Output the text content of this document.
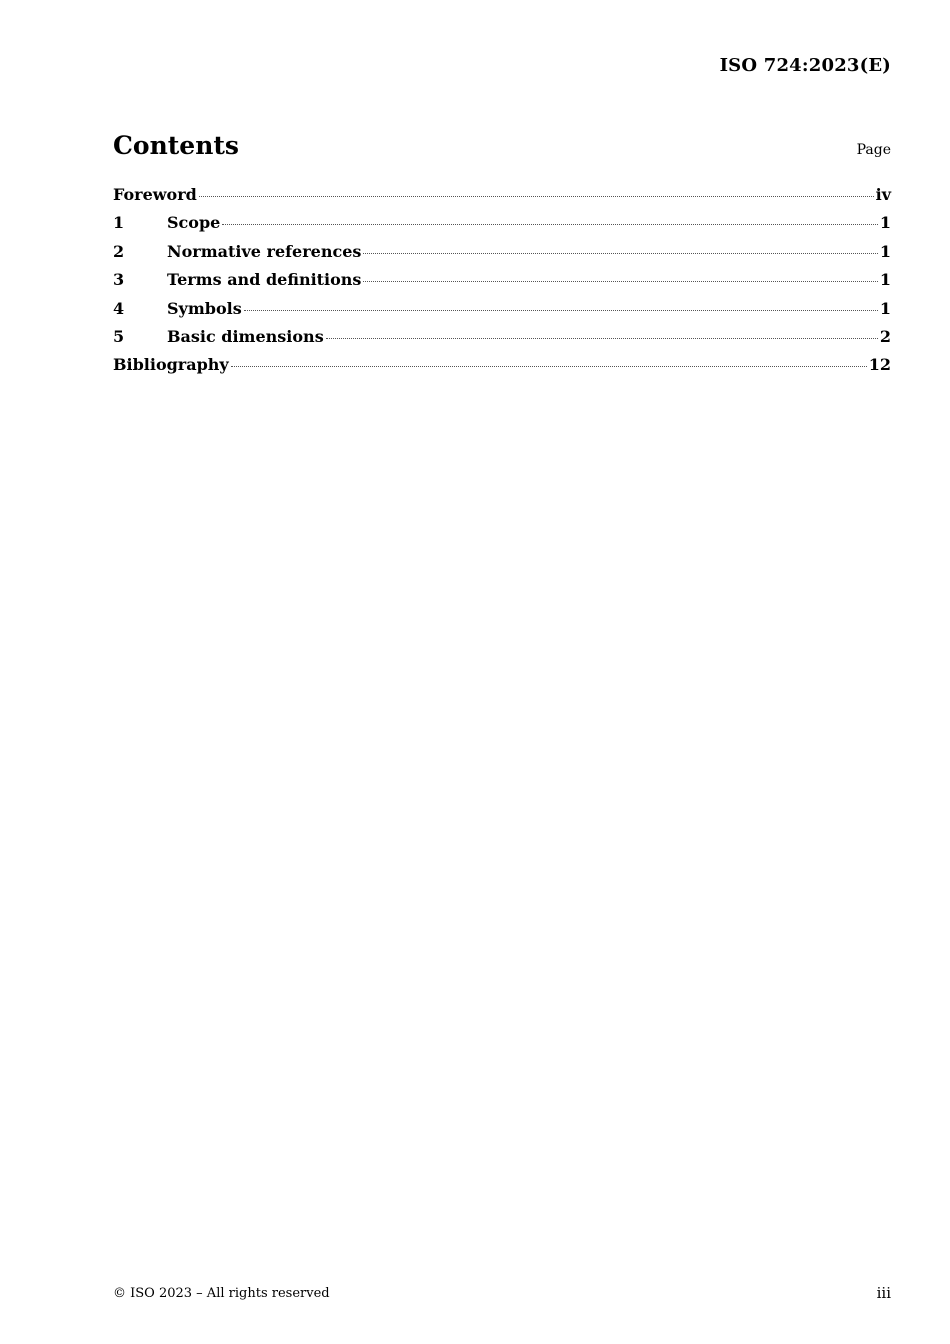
ISO 724:2023(E)
Contents	Page
Foreword	iv
1	Scope	1
2	Normative references	1
3	Terms and definitions	1
4	Symbols	1
5	Basic dimensions	2
Bibliography	12
© ISO 2023 – All rights reserved	iii
